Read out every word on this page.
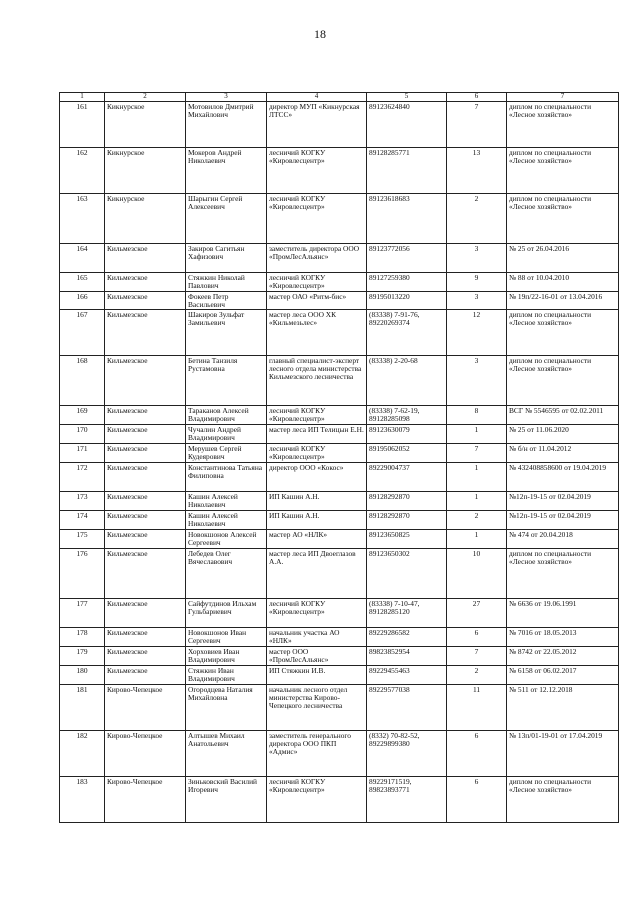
18
1	2	3	4	5	6	7
161	Кикнурское	Мотовилов Дмитрий Михайлович	директор МУП «Кикнурская ЛТСС»	89123624840	7	диплом по специальности «Лесное хозяйство»
162	Кикнурское	Мокеров Андрей Николаевич	лесничий КОГКУ «Кировлесцентр»	89128285771	13	диплом по специальности «Лесное хозяйство»
163	Кикнурское	Шарыгин Сергей Алексеевич	лесничий КОГКУ «Кировлесцентр»	89123618683	2	диплом по специальности «Лесное хозяйство»
164	Кильмезское	Закиров Сагитьян Хафизович	заместитель директора ООО «ПромЛесАльянс»	89123772056	3	№ 25 от 26.04.2016
165	Кильмезское	Стяжкин Николай Павлович	лесничий КОГКУ «Кировлесцентр»	89127259380	9	№ 88 от 10.04.2010
166	Кильмезское	Фокеев Петр Васильевич	мастер ОАО «Ритм-бис»	89195013220	3	№ 19п/22-16-01 от 13.04.2016
167	Кильмезское	Шакиров Зульфат Замильевич	мастер леса ООО ХК «Кильмезьлес»	(83338) 7-91-76, 89220269374	12	диплом по специальности «Лесное хозяйство»
168	Кильмезское	Бетина Танзиля Рустамовна	главный специалист-эксперт лесного отдела министерства Кильмезского лесничества	(83338) 2-20-68	3	диплом по специальности «Лесное хозяйство»
169	Кильмезское	Тараканов Алексей Владимирович	лесничий КОГКУ «Кировлесцентр»	(83338) 7-62-19, 89128285098	8	ВСГ № 5546595 от 02.02.2011
170	Кильмезское	Чучалин Андрей Владимирович	мастер леса ИП Телицын Е.Н.	89123630079	1	№ 25 от 11.06.2020
171	Кильмезское	Мерушев Сергей Кудеярович	лесничий КОГКУ «Кировлесцентр»	89195062052	7	№ б/н от 11.04.2012
172	Кильмезское	Константинова Татьяна Филиповна	директор ООО «Кокос»	89229004737	1	№ 432408858600 от 19.04.2019
173	Кильмезское	Кашин Алексей Николаевич	ИП Кашин А.Н.	89128292870	1	№12п-19-15 от 02.04.2019
174	Кильмезское	Кашин Алексей Николаевич	ИП Кашин А.Н.	89128292870	2	№12п-19-15 от 02.04.2019
175	Кильмезское	Новокшонов Алексей Сергеевич	мастер АО «НЛК»	89123650825	1	№ 474 от 20.04.2018
176	Кильмезское	Лебедев Олег Вячеславович	мастер леса ИП Двоеглазов А.А.	89123650302	10	диплом по специальности «Лесное хозяйство»
177	Кильмезское	Сайфутдинов Ильхам Гульбариевич	лесничий КОГКУ «Кировлесцентр»	(83338) 7-10-47, 89128285120	27	№ 6636 от 19.06.1991
178	Кильмезское	Новокшонов Иван Сергеевич	начальник участка АО «НЛК»	89229286582	6	№ 7016 от 18.05.2013
179	Кильмезское	Хорховиев Иван Владимирович	мастер ООО «ПромЛесАльянс»	89823852954	7	№ 8742 от 22.05.2012
180	Кильмезское	Стяжкин Иван Владимирович	ИП Стяжкин И.В.	89229455463	2	№ 6158 от 06.02.2017
181	Кирово-Чепецкое	Огородцева Наталия Михайловна	начальник лесного отдел министерства Кирово-Чепецкого лесничества	89229577038	11	№ 511 от 12.12.2018
182	Кирово-Чепецкое	Алтышев Михаил Анатольевич	заместитель генерального директора ООО ПКП «Адмис»	(8332) 70-82-52, 89229899380	6	№ 13п/01-19-01 от 17.04.2019
183	Кирово-Чепецкое	Зиньковский Василий Игоревич	лесничий КОГКУ «Кировлесцентр»	89229171519, 89823893771	6	диплом по специальности «Лесное хозяйство»
